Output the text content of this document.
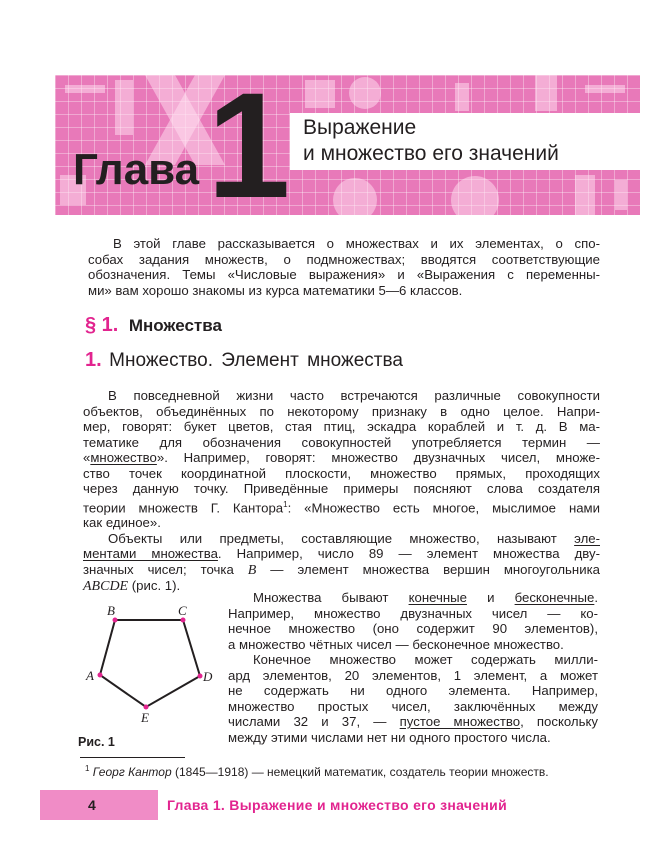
Глава 1 Выражение
и множество его значений
В этой главе рассказывается о множествах и их элементах, о спо-
собах задания множеств, о подмножествах; вводятся соответствующие
обозначения. Темы «Числовые выражения» и «Выражения с переменны-
ми» вам хорошо знакомы из курса математики 5—6 классов.
§ 1. Множества
1. Множество. Элемент множества
В повседневной жизни часто встречаются различные совокупности
объектов, объединённых по некоторому признаку в одно целое. Напри-
мер, говорят: букет цветов, стая птиц, эскадра кораблей и т. д. В ма-
тематике для обозначения совокупностей употребляется термин —
«множество». Например, говорят: множество двузначных чисел, множе-
ство точек координатной плоскости, множество прямых, проходящих
через данную точку. Приведённые примеры поясняют слова создателя
теории множеств Г. Кантора$^1$: «Множество есть многое, мыслимое нами
как единое».
Объекты или предметы, составляющие множество, называют эле-
ментами множества. Например, число 89 — элемент множества дву-
значных чисел; точка B — элемент множества вершин многоугольника
ABCDE (рис. 1).
Множества бывают конечные и бесконечные.
Например, множество двузначных чисел — ко-
нечное множество (оно содержит 90 элементов),
а множество чётных чисел — бесконечное множество.
Конечное множество может содержать милли-
ард элементов, 20 элементов, 1 элемент, а может
не содержать ни одного элемента. Например,
множество простых чисел, заключённых между
числами 32 и 37, — пустое множество, поскольку
между этими числами нет ни одного простого числа.
B	C
D
E
A
Рис. 1
$^1$ Георг Кантор (1845—1918) — немецкий математик, создатель теории множеств.
4	Глава 1. Выражение и множество его значений
